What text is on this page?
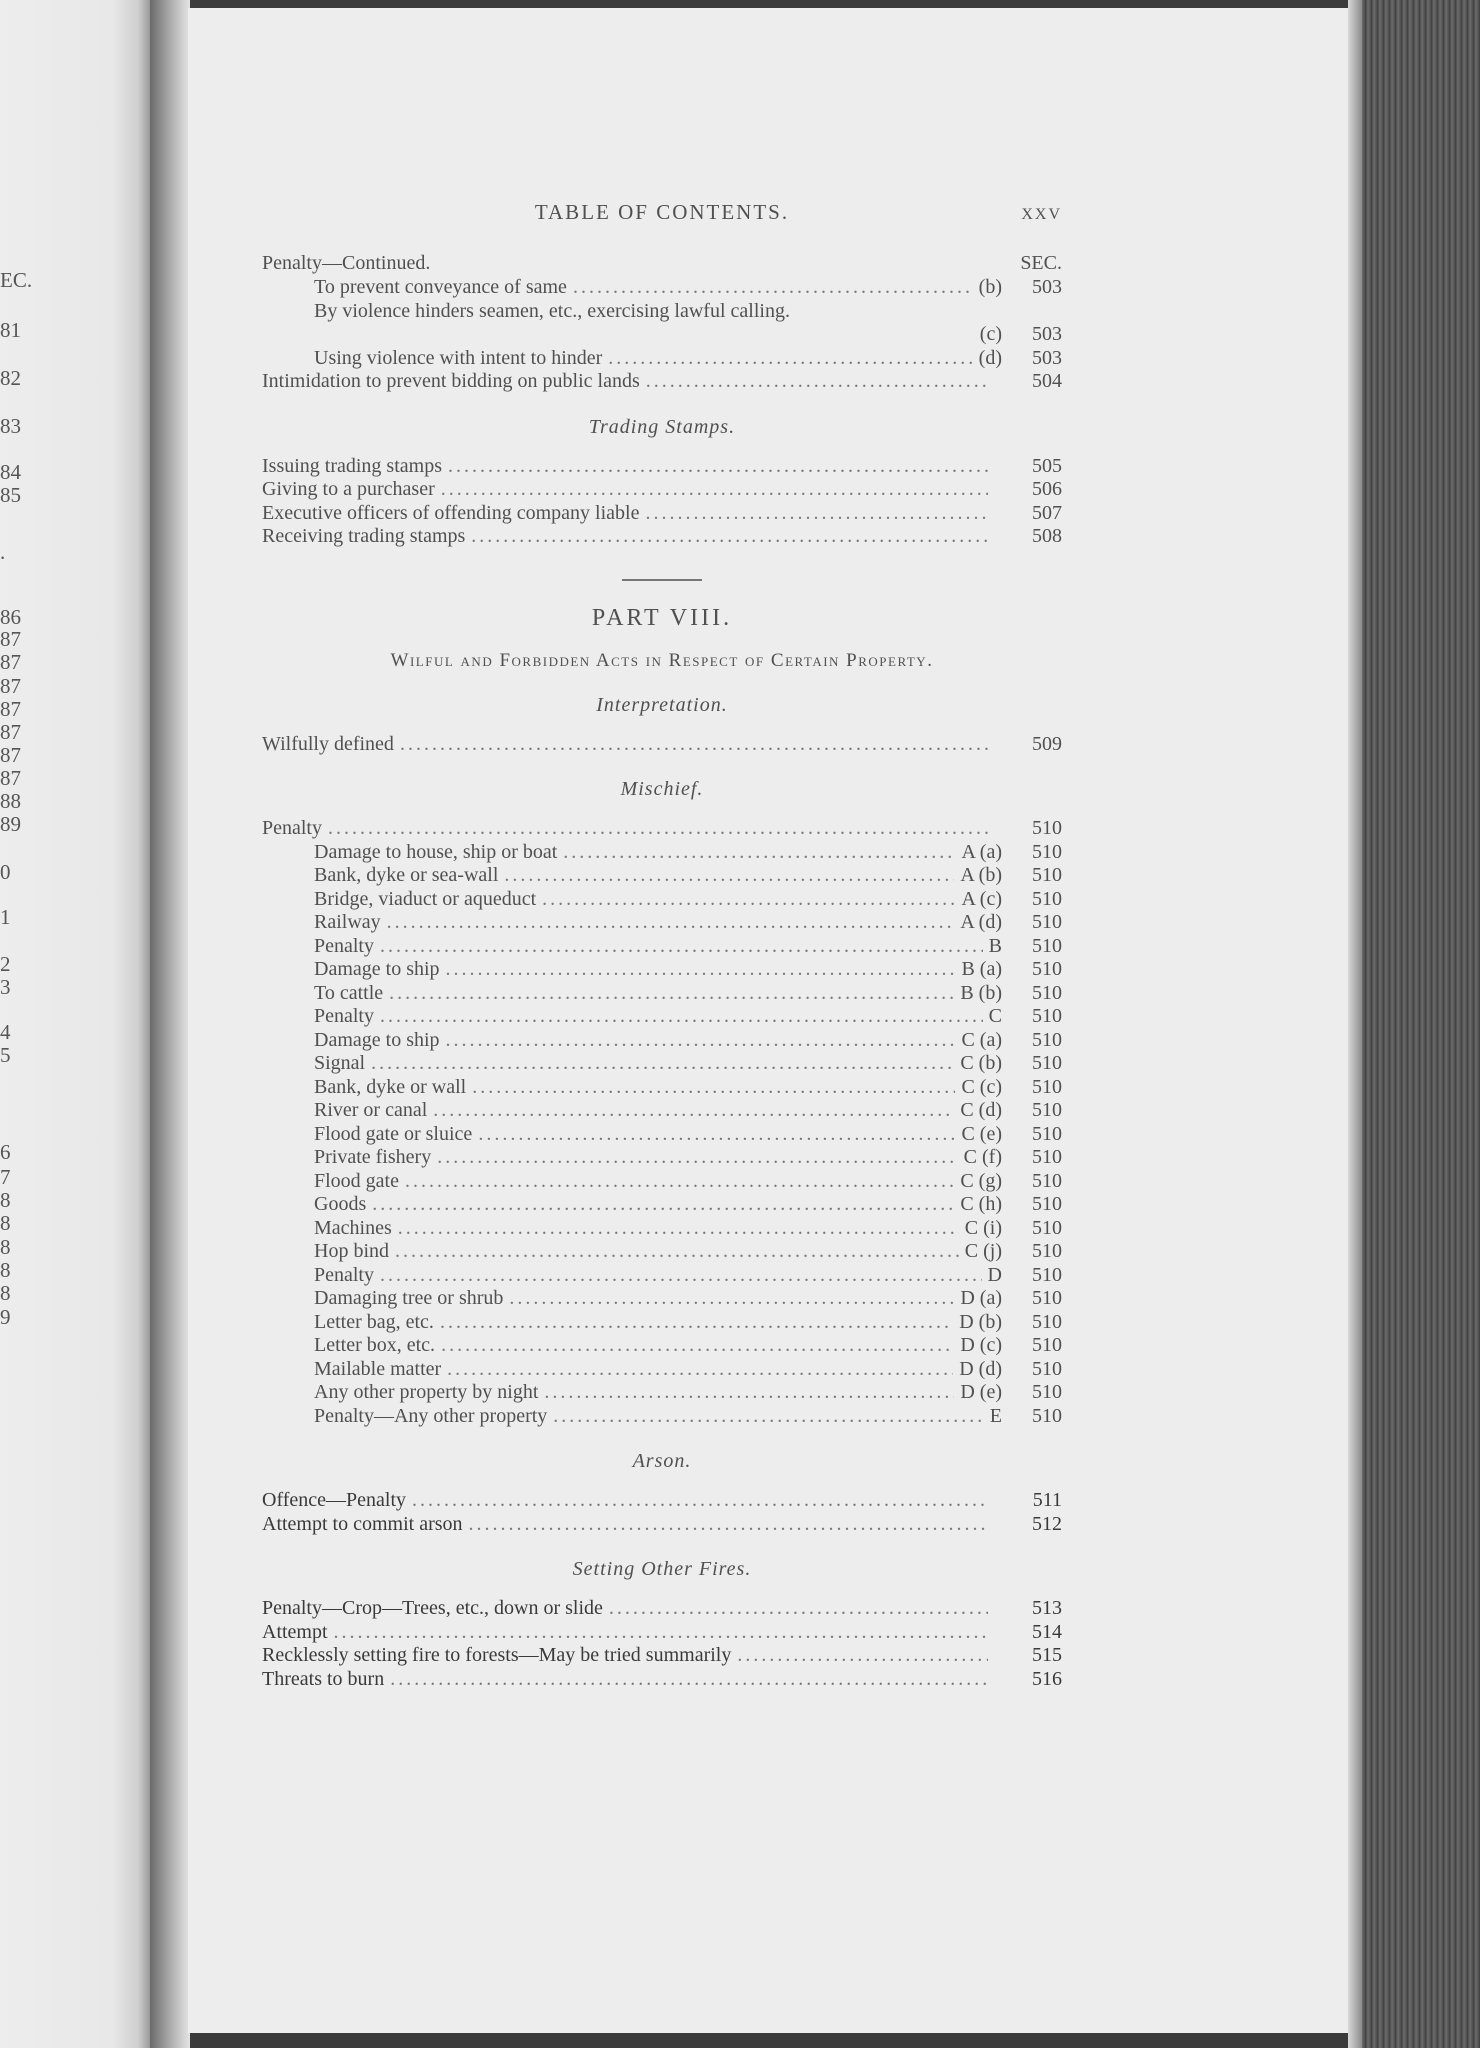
EC.
81
82
83
84
85
.
86
87
87
87
87
87
87
87
88
89
0
1
2
3
4
5
6
7
8
8
8
8
8
9
TABLE OF CONTENTS.	XXV
Penalty—Continued.	SEC.
To prevent conveyance of same .....	(b)	503
By violence hinders seamen, etc., exercising lawful calling.
(c)	503
Using violence with intent to hinder .....	(d)	503
Intimidation to prevent bidding on public lands .....	504
Trading Stamps.
Issuing trading stamps .....	505
Giving to a purchaser .....	506
Executive officers of offending company liable .....	507
Receiving trading stamps .....	508
PART VIII.
Wilful and Forbidden Acts in Respect of Certain Property.
Interpretation.
Wilfully defined .....	509
Mischief.
Penalty .....	510
Damage to house, ship or boat .....	A (a)	510
Bank, dyke or sea-wall .....	A (b)	510
Bridge, viaduct or aqueduct .....	A (c)	510
Railway .....	A (d)	510
Penalty .....	B	510
Damage to ship .....	B (a)	510
To cattle .....	B (b)	510
Penalty .....	C	510
Damage to ship .....	C (a)	510
Signal .....	C (b)	510
Bank, dyke or wall .....	C (c)	510
River or canal .....	C (d)	510
Flood gate or sluice .....	C (e)	510
Private fishery .....	C (f)	510
Flood gate .....	C (g)	510
Goods .....	C (h)	510
Machines .....	C (i)	510
Hop bind .....	C (j)	510
Penalty .....	D	510
Damaging tree or shrub .....	D (a)	510
Letter bag, etc. .....	D (b)	510
Letter box, etc. .....	D (c)	510
Mailable matter .....	D (d)	510
Any other property by night .....	D (e)	510
Penalty—Any other property .....	E	510
Arson.
Offence—Penalty .....	511
Attempt to commit arson .....	512
Setting Other Fires.
Penalty—Crop—Trees, etc., down or slide .....	513
Attempt .....	514
Recklessly setting fire to forests—May be tried summarily .....	515
Threats to burn .....	516
